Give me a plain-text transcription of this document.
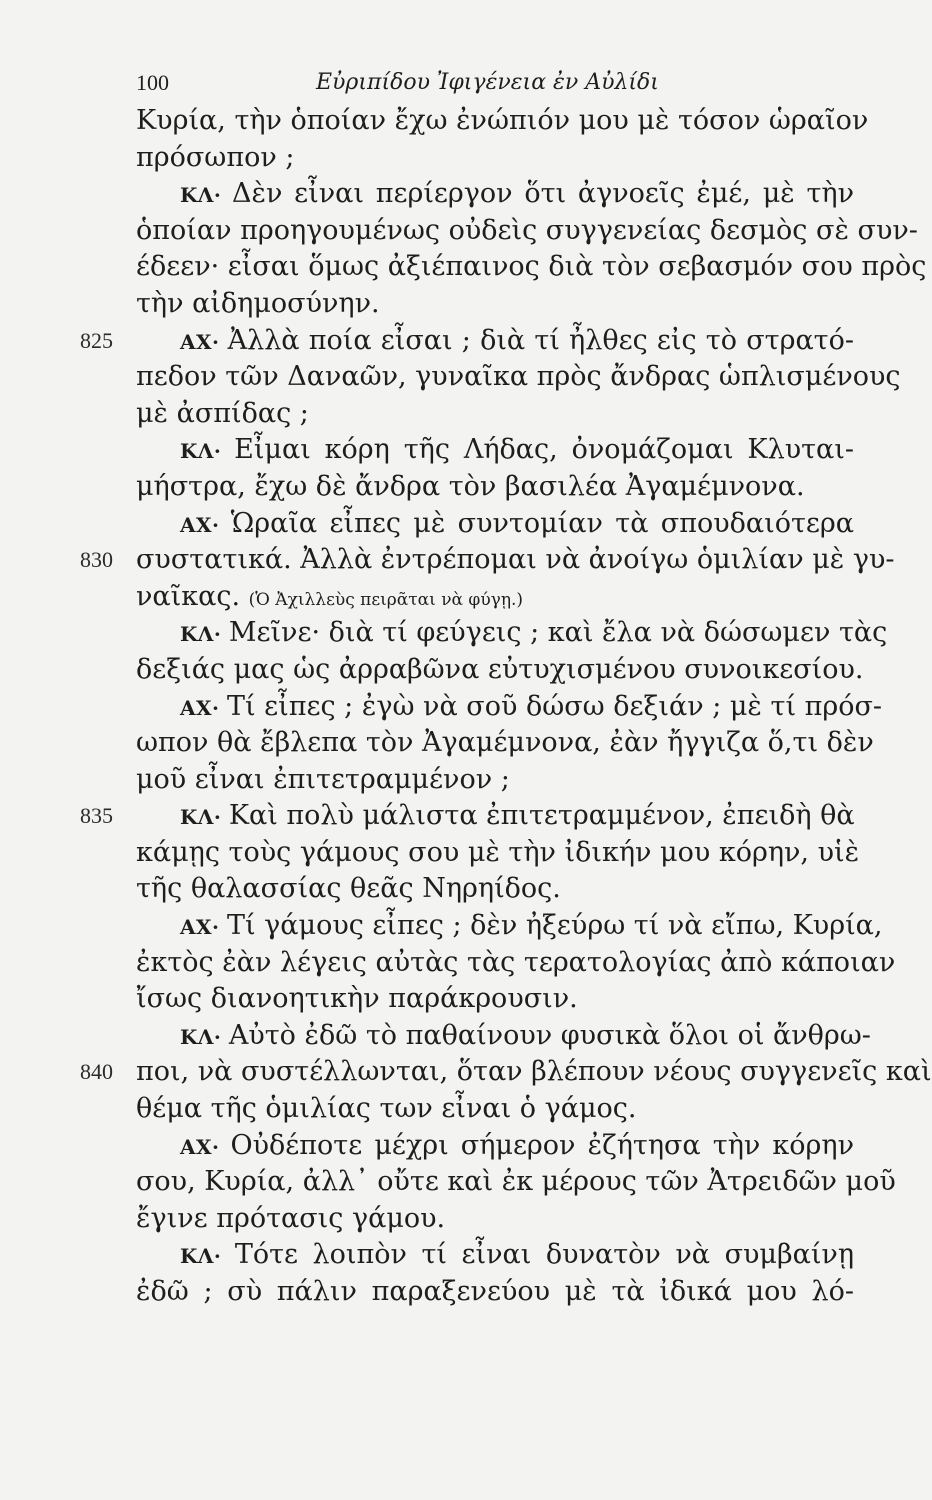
100	Εὐριπίδου Ἰφιγένεια ἐν Αὐλίδι
Κυρία, τὴν ὁποίαν ἔχω ἐνώπιόν μου μὲ τόσον ὡραῖον
πρόσωπον ;
ΚΛ· Δὲν εἶναι περίεργον ὅτι ἀγνοεῖς ἐμέ, μὲ τὴν
ὁποίαν προηγουμένως οὐδεὶς συγγενείας δεσμὸς σὲ συν-
έδεεν· εἶσαι ὅμως ἀξιέπαινος διὰ τὸν σεβασμόν σου πρὸς
τὴν αἰδημοσύνην.
825	ΑΧ· Ἀλλὰ ποία εἶσαι ; διὰ τί ἦλθες εἰς τὸ στρατό-
πεδον τῶν Δαναῶν, γυναῖκα πρὸς ἄνδρας ὡπλισμένους
μὲ ἀσπίδας ;
ΚΛ· Εἶμαι κόρη τῆς Λήδας, ὀνομάζομαι Κλυται-
μήστρα, ἔχω δὲ ἄνδρα τὸν βασιλέα Ἀγαμέμνονα.
ΑΧ· Ὡραῖα εἶπες μὲ συντομίαν τὰ σπουδαιότερα
830 συστατικά. Ἀλλὰ ἐντρέπομαι νὰ ἀνοίγω ὁμιλίαν μὲ γυ-
ναῖκας. (Ὁ Ἀχιλλεὺς πειρᾶται νὰ φύγῃ.)
ΚΛ· Μεῖνε· διὰ τί φεύγεις ; καὶ ἔλα νὰ δώσωμεν τὰς
δεξιάς μας ὡς ἀρραβῶνα εὐτυχισμένου συνοικεσίου.
ΑΧ· Τί εἶπες ; ἐγὼ νὰ σοῦ δώσω δεξιάν ; μὲ τί πρόσ-
ωπον θὰ ἔβλεπα τὸν Ἀγαμέμνονα, ἐὰν ἤγγιζα ὅ,τι δὲν
μοῦ εἶναι ἐπιτετραμμένον ;
835	ΚΛ· Καὶ πολὺ μάλιστα ἐπιτετραμμένον, ἐπειδὴ θὰ
κάμῃς τοὺς γάμους σου μὲ τὴν ἰδικήν μου κόρην, υἱὲ
τῆς θαλασσίας θεᾶς Νηρηίδος.
ΑΧ· Τί γάμους εἶπες ; δὲν ἠξεύρω τί νὰ εἴπω, Κυρία,
ἐκτὸς ἐὰν λέγεις αὐτὰς τὰς τερατολογίας ἀπὸ κάποιαν
ἴσως διανοητικὴν παράκρουσιν.
ΚΛ· Αὐτὸ ἐδῶ τὸ παθαίνουν φυσικὰ ὅλοι οἱ ἄνθρω-
840 ποι, νὰ συστέλλωνται, ὅταν βλέπουν νέους συγγενεῖς καὶ
θέμα τῆς ὁμιλίας των εἶναι ὁ γάμος.
ΑΧ· Οὐδέποτε μέχρι σήμερον ἐζήτησα τὴν κόρην
σου, Κυρία, ἀλλ᾿ οὔτε καὶ ἐκ μέρους τῶν Ἀτρειδῶν μοῦ
ἔγινε πρότασις γάμου.
ΚΛ· Τότε λοιπὸν τί εἶναι δυνατὸν νὰ συμβαίνῃ
ἐδῶ ; σὺ πάλιν παραξενεύου μὲ τὰ ἰδικά μου λό-
